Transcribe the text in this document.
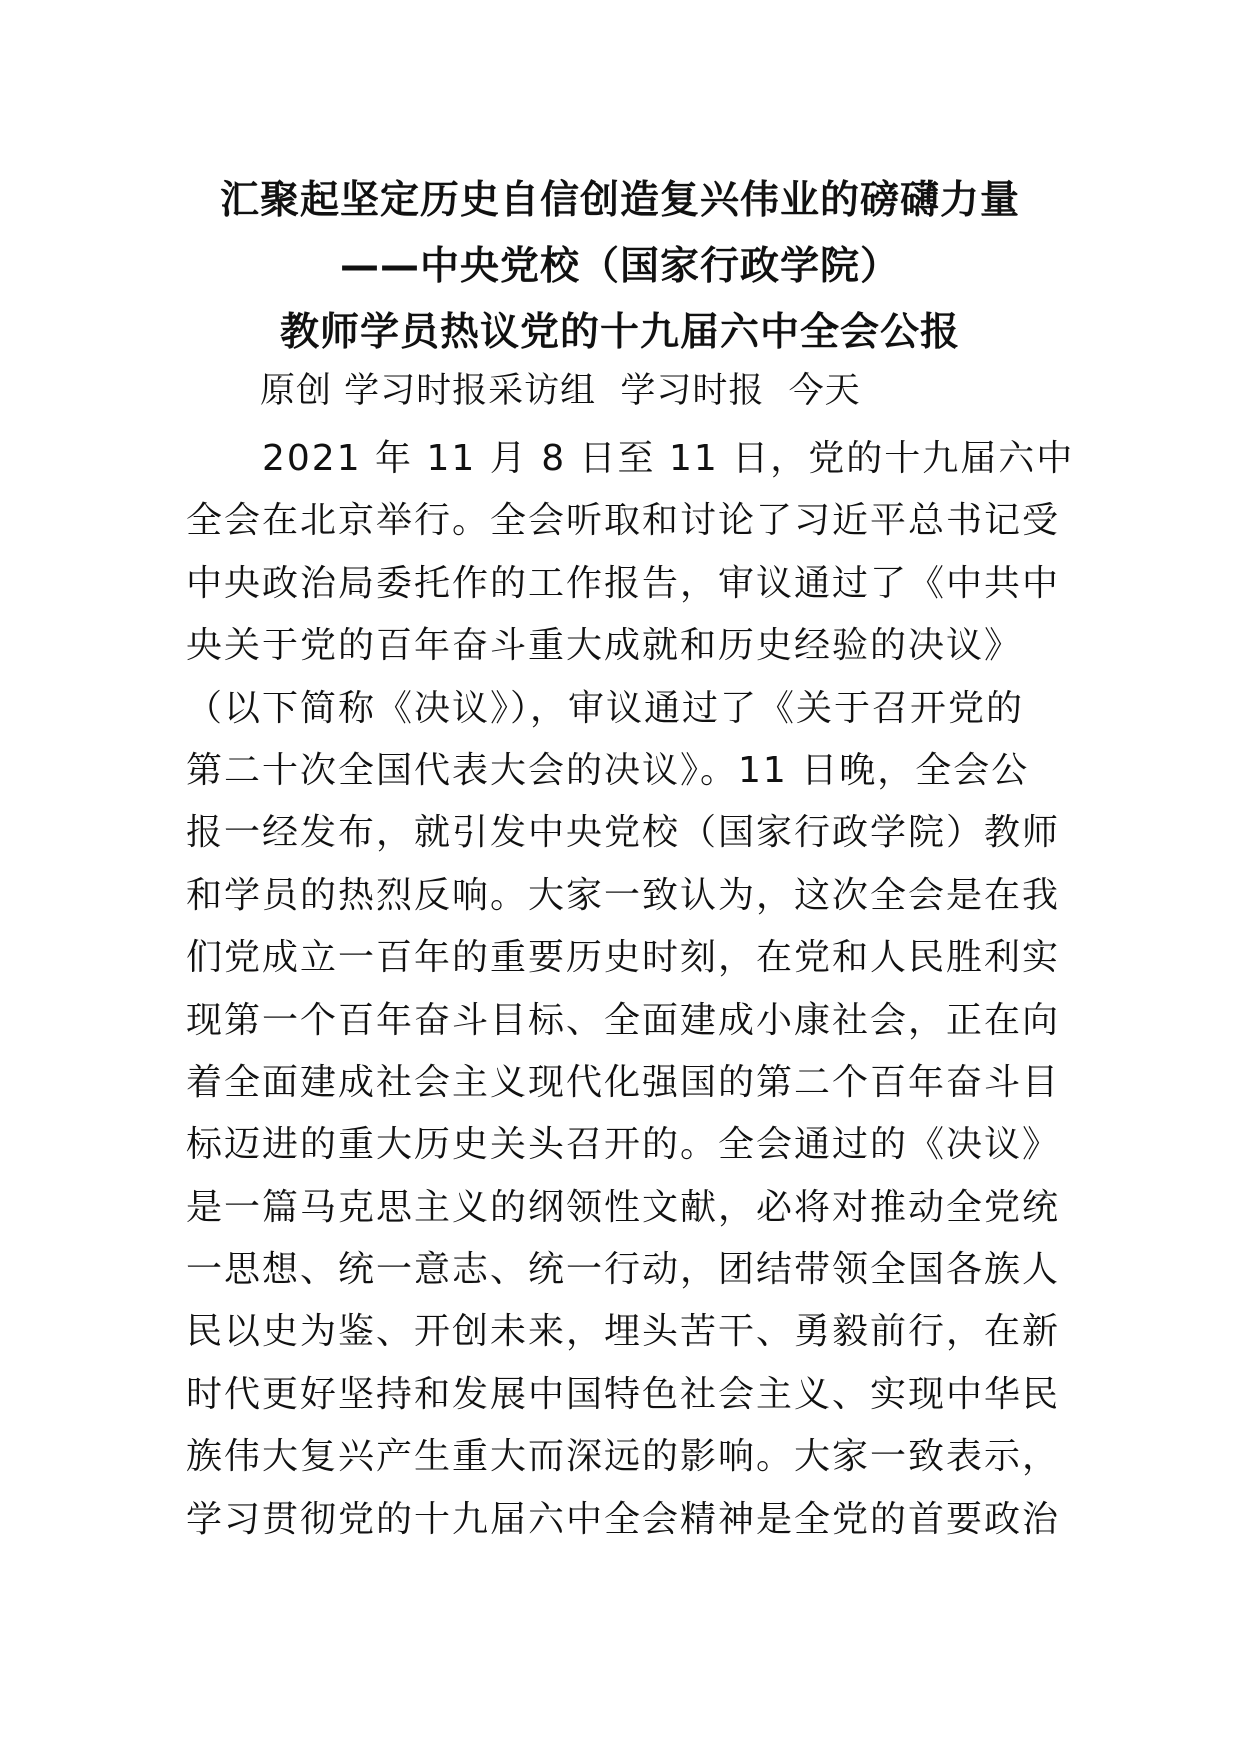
汇聚起坚定历史自信创造复兴伟业的磅礴力量
——中央党校（国家行政学院）
教师学员热议党的十九届六中全会公报
原创 学习时报采访组  学习时报  今天
2021 年 11 月 8 日至 11 日，党的十九届六中
全会在北京举行。全会听取和讨论了习近平总书记受
中央政治局委托作的工作报告，审议通过了《中共中
央关于党的百年奋斗重大成就和历史经验的决议》
（以下简称《决议》），审议通过了《关于召开党的
第二十次全国代表大会的决议》。11 日晚，全会公
报一经发布，就引发中央党校（国家行政学院）教师
和学员的热烈反响。大家一致认为，这次全会是在我
们党成立一百年的重要历史时刻，在党和人民胜利实
现第一个百年奋斗目标、全面建成小康社会，正在向
着全面建成社会主义现代化强国的第二个百年奋斗目
标迈进的重大历史关头召开的。全会通过的《决议》
是一篇马克思主义的纲领性文献，必将对推动全党统
一思想、统一意志、统一行动，团结带领全国各族人
民以史为鉴、开创未来，埋头苦干、勇毅前行，在新
时代更好坚持和发展中国特色社会主义、实现中华民
族伟大复兴产生重大而深远的影响。大家一致表示，
学习贯彻党的十九届六中全会精神是全党的首要政治
